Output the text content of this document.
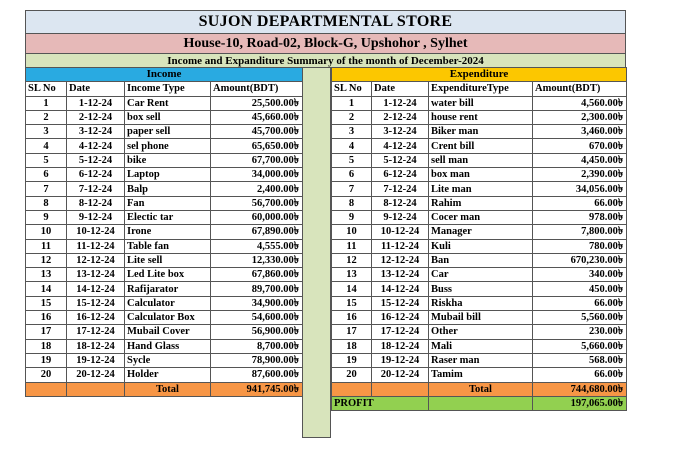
SUJON DEPARTMENTAL STORE
House-10, Road-02, Block-G, Upshohor , Sylhet
Income and Expanditure Summary of the month of December-2024
Income			
SL No	Date	Income Type	Amount(BDT)
1	1-12-24	Car Rent	25,500.00৳
2	2-12-24	box sell	45,660.00৳
3	3-12-24	paper sell	45,700.00৳
4	4-12-24	sel phone	65,650.00৳
5	5-12-24	bike	67,700.00৳
6	6-12-24	Laptop	34,000.00৳
7	7-12-24	Balp	2,400.00৳
8	8-12-24	Fan	56,700.00৳
9	9-12-24	Electic tar	60,000.00৳
10	10-12-24	Irone	67,890.00৳
11	11-12-24	Table fan	4,555.00৳
12	12-12-24	Lite sell	12,330.00৳
13	13-12-24	Led Lite box	67,860.00৳
14	14-12-24	Rafijarator	89,700.00৳
15	15-12-24	Calculator	34,900.00৳
16	16-12-24	Calculator Box	54,600.00৳
17	17-12-24	Mubail Cover	56,900.00৳
18	18-12-24	Hand Glass	8,700.00৳
19	19-12-24	Sycle	78,900.00৳
20	20-12-24	Holder	87,600.00৳
		Total	941,745.00৳
Expenditure			
SL No	Date	ExpenditureType	Amount(BDT)
1	1-12-24	water bill	4,560.00৳
2	2-12-24	house rent	2,300.00৳
3	3-12-24	Biker man	3,460.00৳
4	4-12-24	Crent bill	670.00৳
5	5-12-24	sell man	4,450.00৳
6	6-12-24	box man	2,390.00৳
7	7-12-24	Lite man	34,056.00৳
8	8-12-24	Rahim	66.00৳
9	9-12-24	Cocer man	978.00৳
10	10-12-24	Manager	7,800.00৳
11	11-12-24	Kuli	780.00৳
12	12-12-24	Ban	670,230.00৳
13	13-12-24	Car	340.00৳
14	14-12-24	Buss	450.00৳
15	15-12-24	Riskha	66.00৳
16	16-12-24	Mubail bill	5,560.00৳
17	17-12-24	Other	230.00৳
18	18-12-24	Mali	5,660.00৳
19	19-12-24	Raser man	568.00৳
20	20-12-24	Tamim	66.00৳
		Total	744,680.00৳
PROFIT			197,065.00৳
